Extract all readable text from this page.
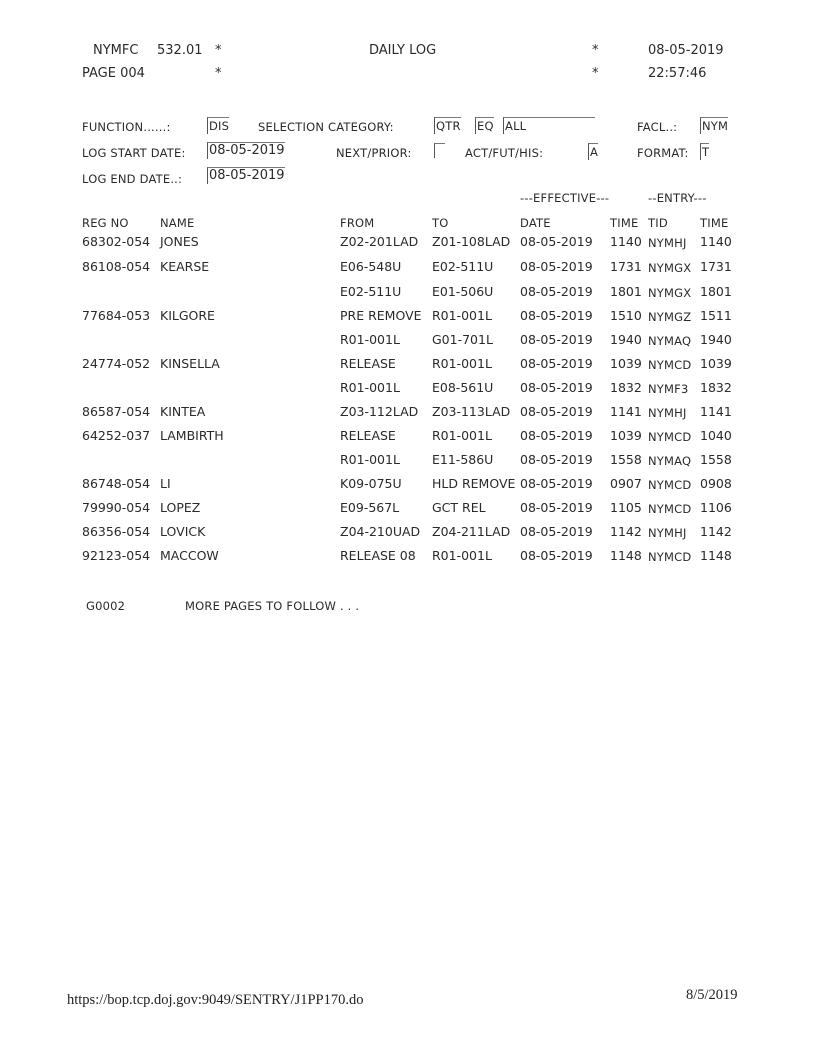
NYMFC 532.01 *	DAILY LOG	*	08-05-2019
PAGE 004	*	*	22:57:46
FUNCTION......:	DIS	SELECTION CATEGORY:	QTR EQ ALL	FACL..: NYM
LOG START DATE: 08-05-2019	NEXT/PRIOR:	ACT/FUT/HIS:	A	FORMAT: T
LOG END DATE..: 08-05-2019
---EFFECTIVE---	--ENTRY---
REG NO	NAME	FROM	TO	DATE	TIME TID	TIME
68302-054 JONES	Z02-201LAD Z01-108LAD 08-05-2019 1140 NYMHJ 1140
86108-054 KEARSE	E06-548U E02-511U 08-05-2019 1731 NYMGX 1731
E02-511U E01-506U 08-05-2019 1801 NYMGX 1801
77684-053 KILGORE	PRE REMOVE R01-001L 08-05-2019 1510 NYMGZ 1511
R01-001L	G01-701L 08-05-2019 1940 NYMAQ 1940
24774-052 KINSELLA	RELEASE	R01-001L 08-05-2019 1039 NYMCD 1039
R01-001L	E08-561U 08-05-2019 1832 NYMF3 1832
86587-054 KINTEA	Z03-112LAD Z03-113LAD 08-05-2019 1141 NYMHJ 1141
64252-037 LAMBIRTH	RELEASE	R01-001L 08-05-2019 1039 NYMCD 1040
R01-001L	E11-586U 08-05-2019 1558 NYMAQ 1558
86748-054 LI	K09-075U HLD REMOVE 08-05-2019 0907 NYMCD 0908
79990-054 LOPEZ	E09-567L	GCT REL	08-05-2019 1105 NYMCD 1106
86356-054 LOVICK	Z04-210UAD Z04-211LAD 08-05-2019 1142 NYMHJ 1142
92123-054 MACCOW	RELEASE 08 R01-001L 08-05-2019 1148 NYMCD 1148
G0002	MORE PAGES TO FOLLOW . . .
https://bop.tcp.doj.gov:9049/SENTRY/J1PP170.do	8/5/2019
